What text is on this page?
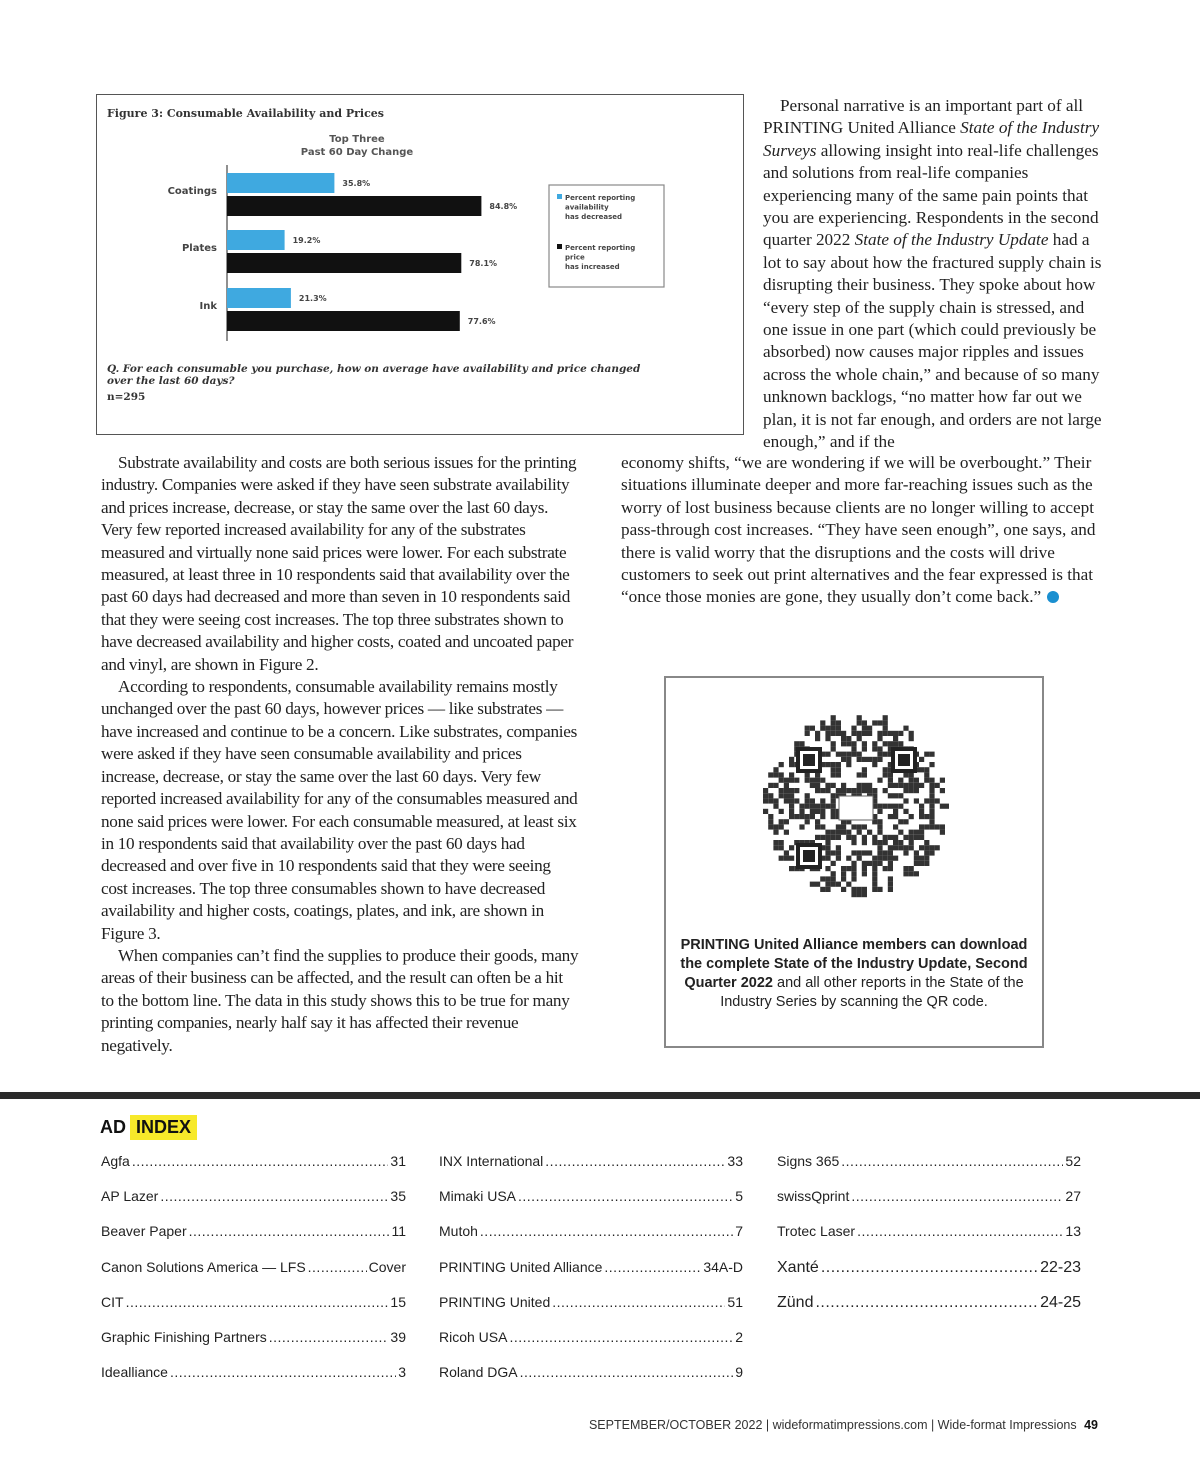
Figure 3: Consumable Availability and Prices
Top Three
Past 60 Day Change
Coatings
35.8%
84.8%
Plates
19.2%
78.1%
Ink
21.3%
77.6%
Percent reporting
availability
has decreased
Percent reporting
price
has increased
Q. For each consumable you purchase, how on average have availability and price changed over the last 60 days?
n=295

Personal narrative is an important part of all PRINTING United Alliance State of the Industry Surveys allowing insight into real-life challenges and solutions from real-life companies experiencing many of the same pain points that you are experiencing. Respondents in the second quarter 2022 State of the Industry Update had a lot to say about how the fractured supply chain is disrupting their business. They spoke about how “every step of the supply chain is stressed, and one issue in one part (which could previously be absorbed) now causes major ripples and issues across the whole chain,” and because of so many unknown backlogs, “no matter how far out we plan, it is not far enough, and orders are not large enough,” and if the

economy shifts, “we are wondering if we will be overbought.” Their situations illuminate deeper and more far-reaching issues such as the worry of lost business because clients are no longer willing to accept pass-through cost increases. “They have seen enough”, one says, and there is valid worry that the disruptions and the costs will drive customers to seek out print alternatives and the fear expressed is that “once those monies are gone, they usually don’t come back.”

Substrate availability and costs are both serious issues for the printing industry. Companies were asked if they have seen substrate availability and prices increase, decrease, or stay the same over the last 60 days. Very few reported increased availability for any of the substrates measured and virtually none said prices were lower. For each substrate measured, at least three in 10 respondents said that availability over the past 60 days had decreased and more than seven in 10 respondents said that they were seeing cost increases. The top three substrates shown to have decreased availability and higher costs, coated and uncoated paper and vinyl, are shown in Figure 2.

According to respondents, consumable availability remains mostly unchanged over the past 60 days, however prices — like substrates — have increased and continue to be a concern. Like substrates, companies were asked if they have seen consumable availability and prices increase, decrease, or stay the same over the last 60 days. Very few reported increased availability for any of the consumables measured and none said prices were lower. For each consumable measured, at least six in 10 respondents said that availability over the past 60 days had decreased and over five in 10 respondents said that they were seeing cost increases. The top three consumables shown to have decreased availability and higher costs, coatings, plates, and ink, are shown in Figure 3.

When companies can’t find the supplies to produce their goods, many areas of their business can be affected, and the result can often be a hit to the bottom line. The data in this study shows this to be true for many printing companies, nearly half say it has affected their revenue negatively.

PRINTING United Alliance members can download the complete State of the Industry Update, Second Quarter 2022 and all other reports in the State of the Industry Series by scanning the QR code.
AD INDEX
Agfa .....	31
AP Lazer .....	35
Beaver Paper .....	11
Canon Solutions America — LFS .....	Cover
CIT .....	15
Graphic Finishing Partners .....	39
Idealliance .....	3
INX International .....	33
Mimaki USA .....	5
Mutoh .....	7
PRINTING United Alliance .....	34A-D
PRINTING United .....	51
Ricoh USA .....	2
Roland DGA .....	9
Signs 365 .....	52
swissQprint .....	27
Trotec Laser .....	13
Xanté .....	22-23
Zünd .....	24-25
SEPTEMBER/OCTOBER 2022 | wideformatimpressions.com | Wide-format Impressions 49
